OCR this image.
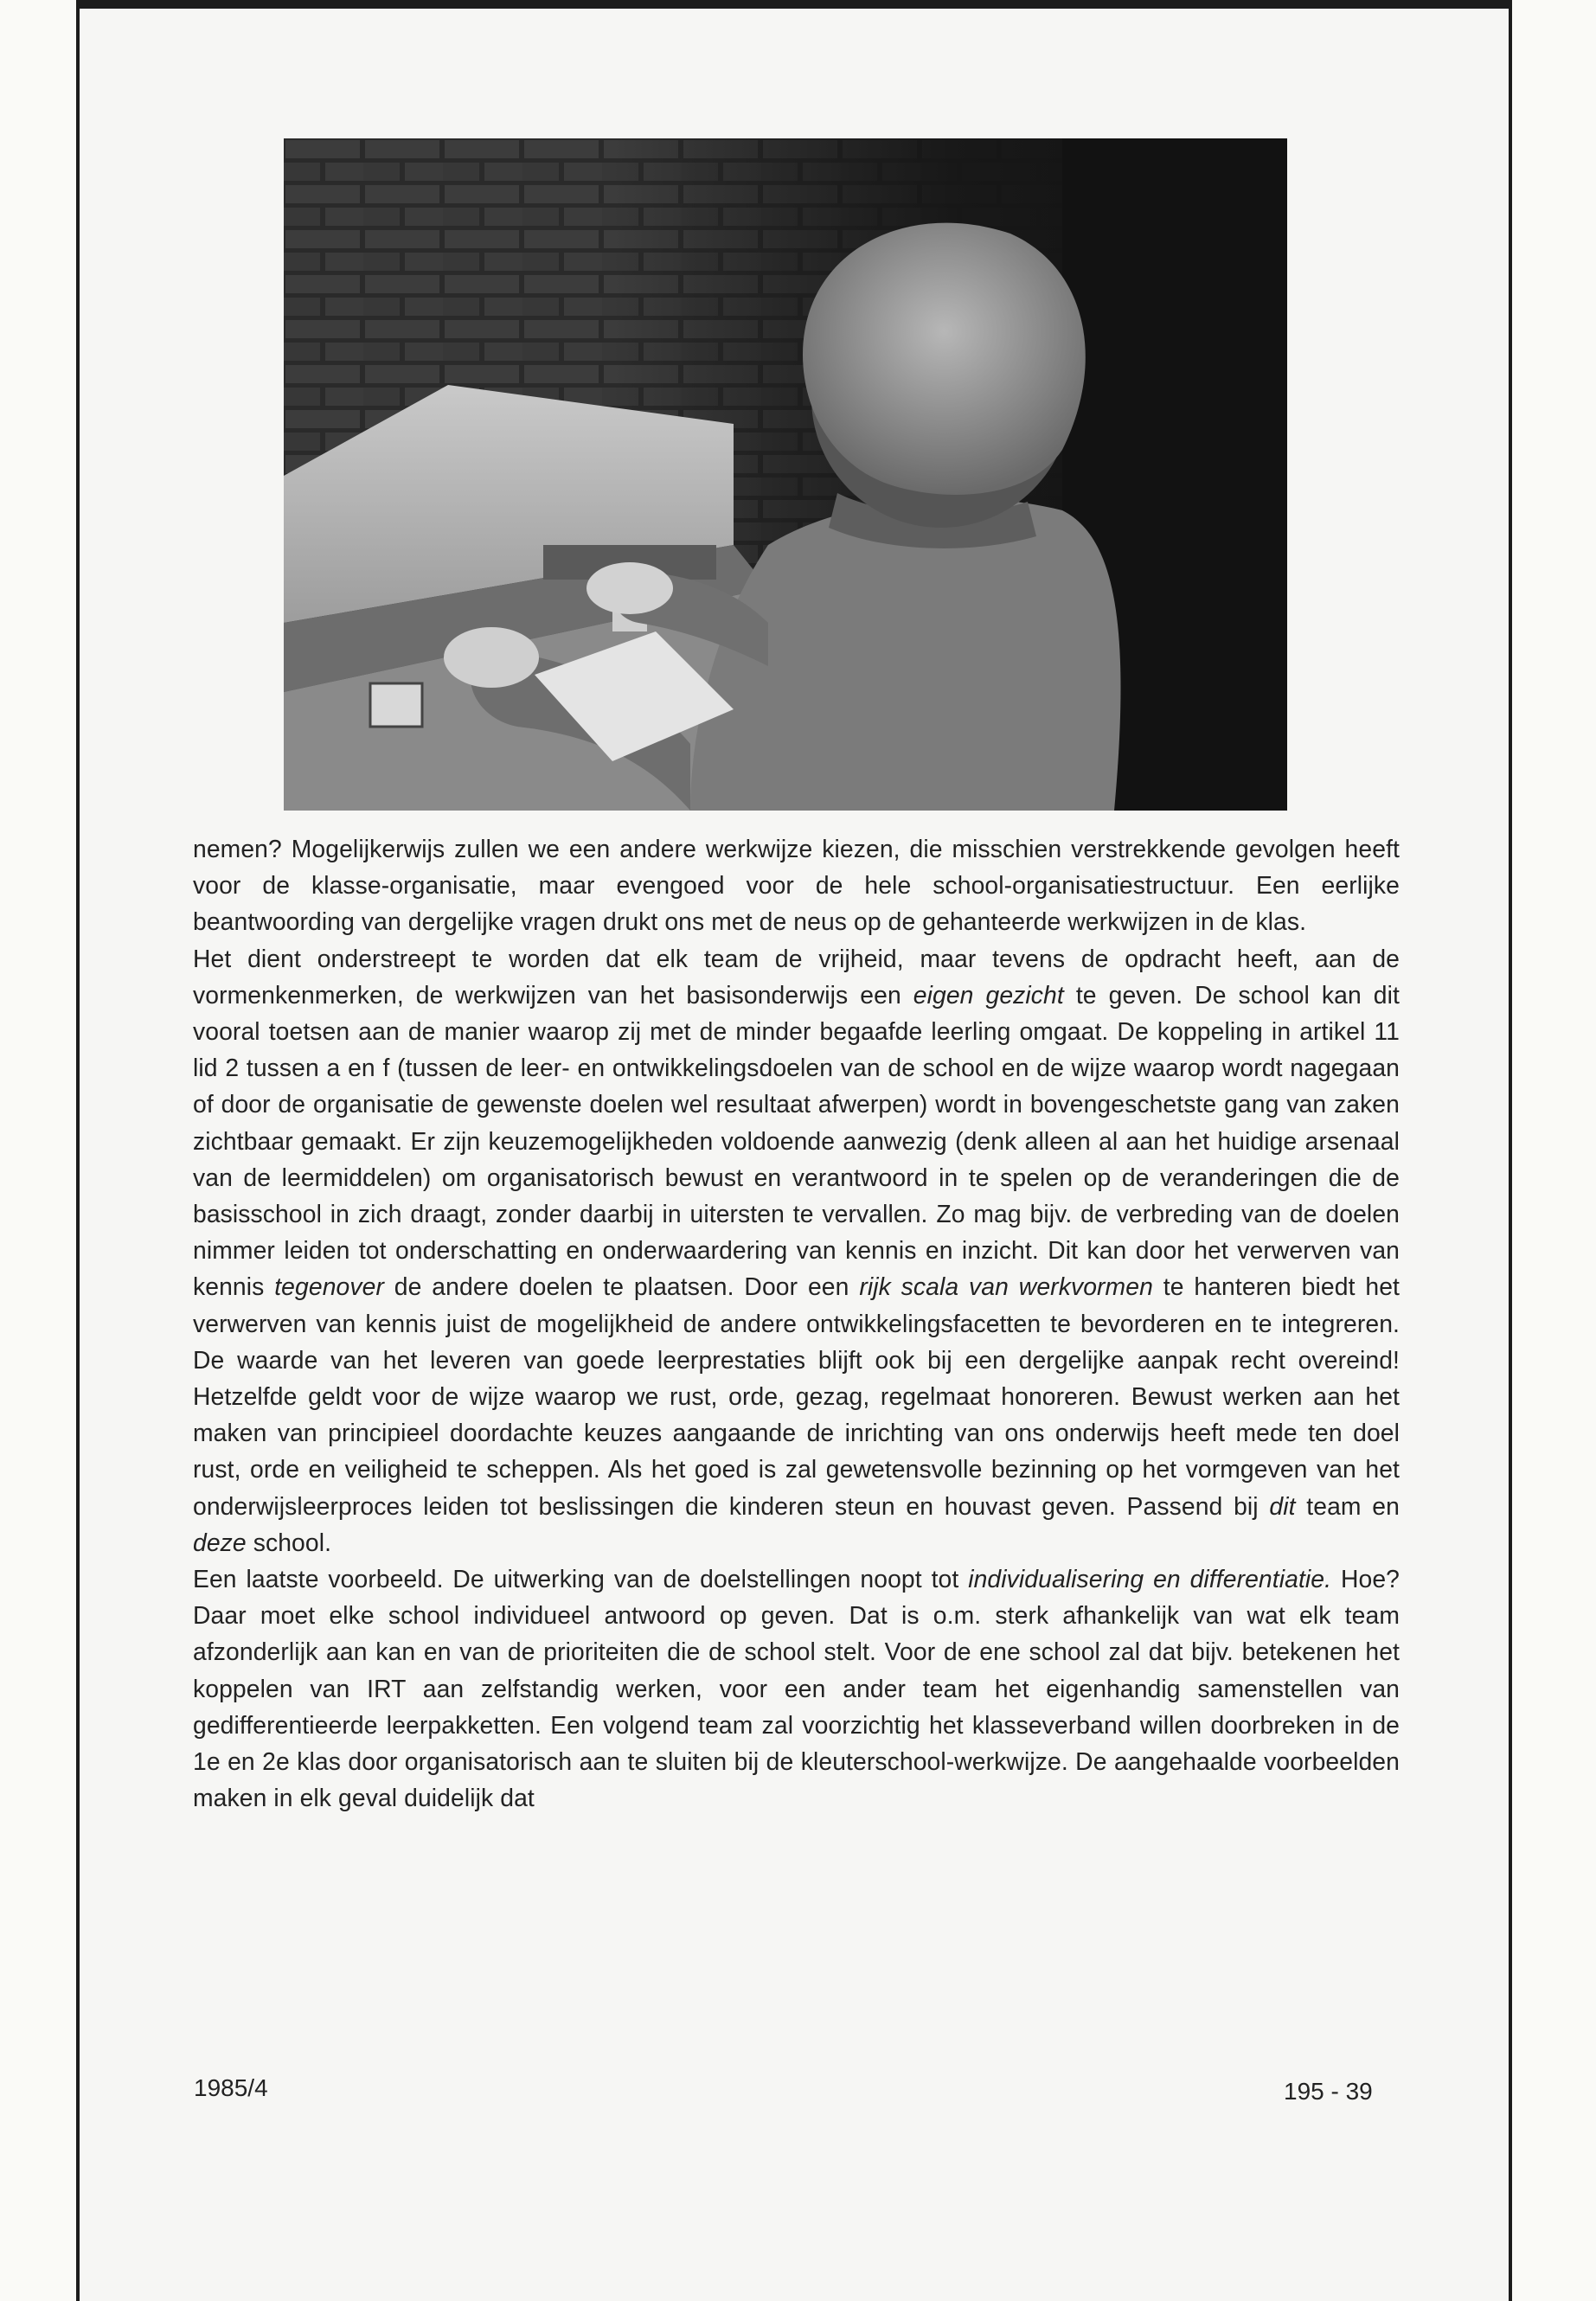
nemen? Mogelijkerwijs zullen we een andere werkwijze kiezen, die misschien verstrekkende gevolgen heeft voor de klasse-organisatie, maar evengoed voor de hele school-organisatiestructuur. Een eerlijke beantwoording van dergelijke vragen drukt ons met de neus op de gehanteerde werkwijzen in de klas.

Het dient onderstreept te worden dat elk team de vrijheid, maar tevens de opdracht heeft, aan de vormenkenmerken, de werkwijzen van het basisonderwijs een eigen gezicht te geven. De school kan dit vooral toetsen aan de manier waarop zij met de minder begaafde leerling omgaat. De koppeling in artikel 11 lid 2 tussen a en f (tussen de leer- en ontwikkelingsdoelen van de school en de wijze waarop wordt nagegaan of door de organisatie de gewenste doelen wel resultaat afwerpen) wordt in bovengeschetste gang van zaken zichtbaar gemaakt. Er zijn keuzemogelijkheden voldoende aanwezig (denk alleen al aan het huidige arsenaal van de leermiddelen) om organisatorisch bewust en verantwoord in te spelen op de veranderingen die de basisschool in zich draagt, zonder daarbij in uitersten te vervallen. Zo mag bijv. de verbreding van de doelen nimmer leiden tot onderschatting en onderwaardering van kennis en inzicht. Dit kan door het verwerven van kennis tegenover de andere doelen te plaatsen. Door een rijk scala van werkvormen te hanteren biedt het verwerven van kennis juist de mogelijkheid de andere ontwikkelingsfacetten te bevorderen en te integreren. De waarde van het leveren van goede leerprestaties blijft ook bij een dergelijke aanpak recht overeind! Hetzelfde geldt voor de wijze waarop we rust, orde, gezag, regelmaat honoreren. Bewust werken aan het maken van principieel doordachte keuzes aangaande de inrichting van ons onderwijs heeft mede ten doel rust, orde en veiligheid te scheppen. Als het goed is zal gewetensvolle bezinning op het vormgeven van het onderwijsleerproces leiden tot beslissingen die kinderen steun en houvast geven. Passend bij dit team en deze school.

Een laatste voorbeeld. De uitwerking van de doelstellingen noopt tot individualisering en differentiatie. Hoe? Daar moet elke school individueel antwoord op geven. Dat is o.m. sterk afhankelijk van wat elk team afzonderlijk aan kan en van de prioriteiten die de school stelt. Voor de ene school zal dat bijv. betekenen het koppelen van IRT aan zelfstandig werken, voor een ander team het eigenhandig samenstellen van gedifferentieerde leerpakketten. Een volgend team zal voorzichtig het klasseverband willen doorbreken in de 1e en 2e klas door organisatorisch aan te sluiten bij de kleuterschool-werkwijze. De aangehaalde voorbeelden maken in elk geval duidelijk dat

1985/4	195 - 39
